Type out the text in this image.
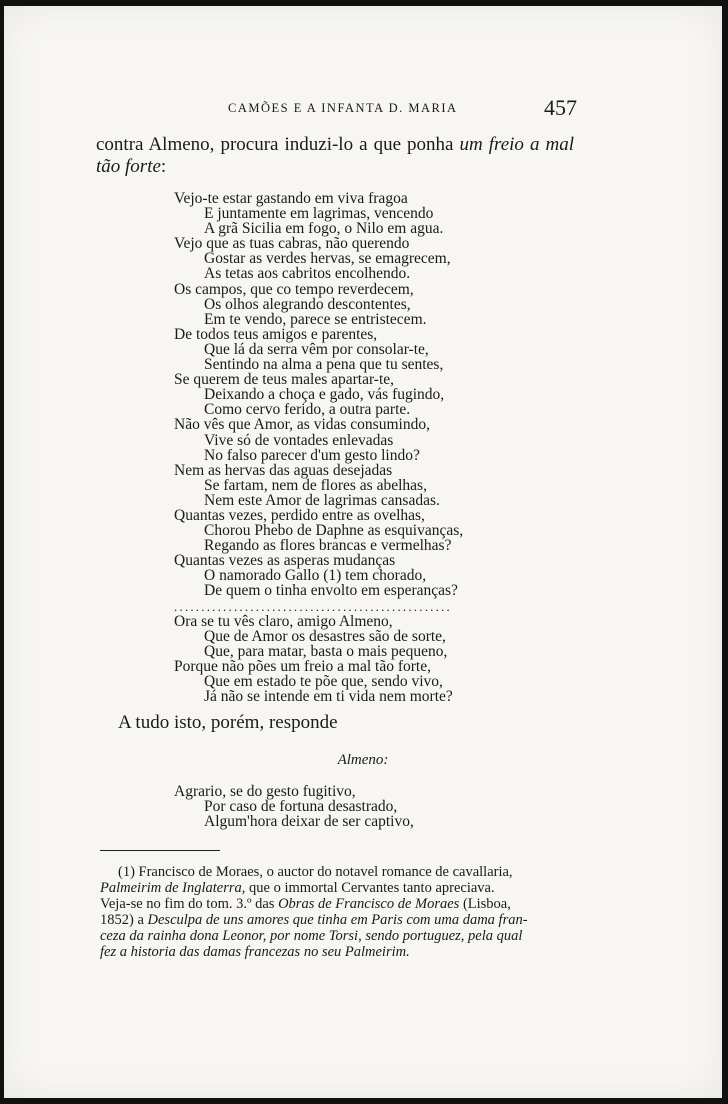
CAMÕES E A INFANTA D. MARIA	457
contra Almeno, procura induzi-lo a que ponha um freio a mal tão forte:
Vejo-te estar gastando em viva fragoa
E juntamente em lagrimas, vencendo
A grã Sicilia em fogo, o Nilo em agua.
Vejo que as tuas cabras, não querendo
Gostar as verdes hervas, se emagrecem,
As tetas aos cabritos encolhendo.
Os campos, que co tempo reverdecem,
Os olhos alegrando descontentes,
Em te vendo, parece se entristecem.
De todos teus amigos e parentes,
Que lá da serra vêm por consolar-te,
Sentindo na alma a pena que tu sentes,
Se querem de teus males apartar-te,
Deixando a choça e gado, vás fugindo,
Como cervo ferido, a outra parte.
Não vês que Amor, as vidas consumindo,
Vive só de vontades enlevadas
No falso parecer d'um gesto lindo?
Nem as hervas das aguas desejadas
Se fartam, nem de flores as abelhas,
Nem este Amor de lagrimas cansadas.
Quantas vezes, perdido entre as ovelhas,
Chorou Phebo de Daphne as esquivanças,
Regando as flores brancas e vermelhas?
Quantas vezes as asperas mudanças
O namorado Gallo (1) tem chorado,
De quem o tinha envolto em esperanças?
...................................................
Ora se tu vês claro, amigo Almeno,
Que de Amor os desastres são de sorte,
Que, para matar, basta o mais pequeno,
Porque não pões um freio a mal tão forte,
Que em estado te põe que, sendo vivo,
Já não se intende em ti vida nem morte?
A tudo isto, porém, responde
Almeno:
Agrario, se do gesto fugitivo,
Por caso de fortuna desastrado,
Algum'hora deixar de ser captivo,
(1) Francisco de Moraes, o auctor do notavel romance de cavallaria,
Palmeirim de Inglaterra, que o immortal Cervantes tanto apreciava.
Veja-se no fim do tom. 3.º das Obras de Francisco de Moraes (Lisboa,
1852) a Desculpa de uns amores que tinha em Paris com uma dama fran-
ceza da rainha dona Leonor, por nome Torsi, sendo portuguez, pela qual
fez a historia das damas francezas no seu Palmeirim.
